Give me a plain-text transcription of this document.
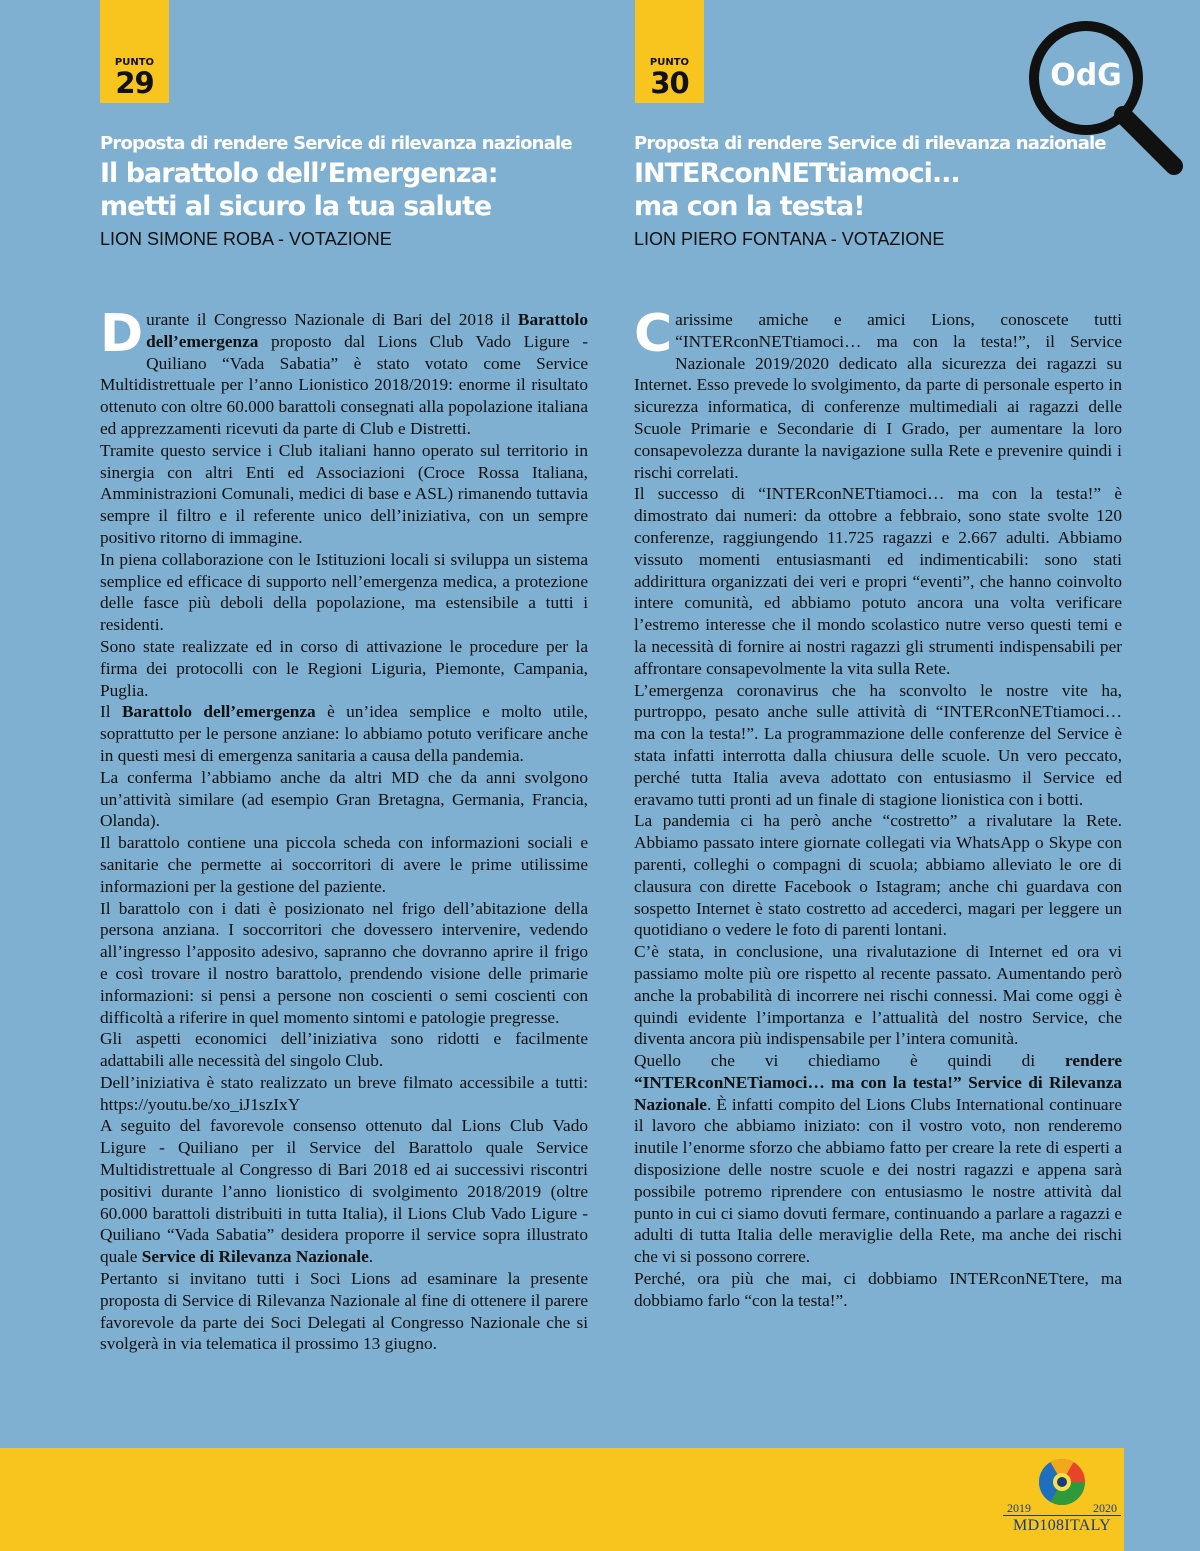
PUNTO
29
Proposta di rendere Service di rilevanza nazionale
Il barattolo dell’Emergenza:
metti al sicuro la tua salute
LION SIMONE ROBA - VOTAZIONE

Durante il Congresso Nazionale di Bari del 2018 il Barattolo dell’emergenza proposto dal Lions Club Vado Ligure - Quiliano “Vada Sabatia” è stato votato come Service Multidistrettuale per l’anno Lionistico 2018/2019: enorme il risultato ottenuto con oltre 60.000 barattoli consegnati alla popolazione italiana ed apprezzamenti ricevuti da parte di Club e Distretti.

Tramite questo service i Club italiani hanno operato sul territorio in sinergia con altri Enti ed Associazioni (Croce Rossa Italiana, Amministrazioni Comunali, medici di base e ASL) rimanendo tuttavia sempre il filtro e il referente unico dell’iniziativa, con un sempre positivo ritorno di immagine.

In piena collaborazione con le Istituzioni locali si sviluppa un sistema semplice ed efficace di supporto nell’emergenza medica, a protezione delle fasce più deboli della popolazione, ma estensibile a tutti i residenti.

Sono state realizzate ed in corso di attivazione le procedure per la firma dei protocolli con le Regioni Liguria, Piemonte, Campania, Puglia.

Il Barattolo dell’emergenza è un’idea semplice e molto utile, soprattutto per le persone anziane: lo abbiamo potuto verificare anche in questi mesi di emergenza sanitaria a causa della pandemia.

La conferma l’abbiamo anche da altri MD che da anni svolgono un’attività similare (ad esempio Gran Bretagna, Germania, Francia, Olanda).

Il barattolo contiene una piccola scheda con informazioni sociali e sanitarie che permette ai soccorritori di avere le prime utilissime informazioni per la gestione del paziente.

Il barattolo con i dati è posizionato nel frigo dell’abitazione della persona anziana. I soccorritori che dovessero intervenire, vedendo all’ingresso l’apposito adesivo, sapranno che dovranno aprire il frigo e così trovare il nostro barattolo, prendendo visione delle primarie informazioni: si pensi a persone non coscienti o semi coscienti con difficoltà a riferire in quel momento sintomi e patologie pregresse.

Gli aspetti economici dell’iniziativa sono ridotti e facilmente adattabili alle necessità del singolo Club.

Dell’iniziativa è stato realizzato un breve filmato accessibile a tutti: https://youtu.be/xo_iJ1szIxY

A seguito del favorevole consenso ottenuto dal Lions Club Vado Ligure - Quiliano per il Service del Barattolo quale Service Multidistrettuale al Congresso di Bari 2018 ed ai successivi riscontri positivi durante l’anno lionistico di svolgimento 2018/2019 (oltre 60.000 barattoli distribuiti in tutta Italia), il Lions Club Vado Ligure - Quiliano “Vada Sabatia” desidera proporre il service sopra illustrato quale Service di Rilevanza Nazionale.

Pertanto si invitano tutti i Soci Lions ad esaminare la presente proposta di Service di Rilevanza Nazionale al fine di ottenere il parere favorevole da parte dei Soci Delegati al Congresso Nazionale che si svolgerà in via telematica il prossimo 13 giugno.

PUNTO
30
Proposta di rendere Service di rilevanza nazionale
INTERconNETtiamoci...
ma con la testa!
LION PIERO FONTANA - VOTAZIONE

Carissime amiche e amici Lions, conoscete tutti “INTERconNETtiamoci… ma con la testa!”, il Service Nazionale 2019/2020 dedicato alla sicurezza dei ragazzi su Internet. Esso prevede lo svolgimento, da parte di personale esperto in sicurezza informatica, di conferenze multimediali ai ragazzi delle Scuole Primarie e Secondarie di I Grado, per aumentare la loro consapevolezza durante la navigazione sulla Rete e prevenire quindi i rischi correlati.

Il successo di “INTERconNETtiamoci… ma con la testa!” è dimostrato dai numeri: da ottobre a febbraio, sono state svolte 120 conferenze, raggiungendo 11.725 ragazzi e 2.667 adulti. Abbiamo vissuto momenti entusiasmanti ed indimenticabili: sono stati addirittura organizzati dei veri e propri “eventi”, che hanno coinvolto intere comunità, ed abbiamo potuto ancora una volta verificare l’estremo interesse che il mondo scolastico nutre verso questi temi e la necessità di fornire ai nostri ragazzi gli strumenti indispensabili per affrontare consapevolmente la vita sulla Rete.

L’emergenza coronavirus che ha sconvolto le nostre vite ha, purtroppo, pesato anche sulle attività di “INTERconNETtiamoci… ma con la testa!”. La programmazione delle conferenze del Service è stata infatti interrotta dalla chiusura delle scuole. Un vero peccato, perché tutta Italia aveva adottato con entusiasmo il Service ed eravamo tutti pronti ad un finale di stagione lionistica con i botti.

La pandemia ci ha però anche “costretto” a rivalutare la Rete. Abbiamo passato intere giornate collegati via WhatsApp o Skype con parenti, colleghi o compagni di scuola; abbiamo alleviato le ore di clausura con dirette Facebook o Istagram; anche chi guardava con sospetto Internet è stato costretto ad accederci, magari per leggere un quotidiano o vedere le foto di parenti lontani.

C’è stata, in conclusione, una rivalutazione di Internet ed ora vi passiamo molte più ore rispetto al recente passato. Aumentando però anche la probabilità di incorrere nei rischi connessi. Mai come oggi è quindi evidente l’importanza e l’attualità del nostro Service, che diventa ancora più indispensabile per l’intera comunità.

Quello che vi chiediamo è quindi di rendere “INTERconNETiamoci… ma con la testa!” Service di Rilevanza Nazionale. È infatti compito del Lions Clubs International continuare il lavoro che abbiamo iniziato: con il vostro voto, non renderemo inutile l’enorme sforzo che abbiamo fatto per creare la rete di esperti a disposizione delle nostre scuole e dei nostri ragazzi e appena sarà possibile potremo riprendere con entusiasmo le nostre attività dal punto in cui ci siamo dovuti fermare, continuando a parlare a ragazzi e adulti di tutta Italia delle meraviglie della Rete, ma anche dei rischi che vi si possono correre.

Perché, ora più che mai, ci dobbiamo INTERconNETtere, ma dobbiamo farlo “con la testa!”.

OdG
2019	2020
MD108ITALY
